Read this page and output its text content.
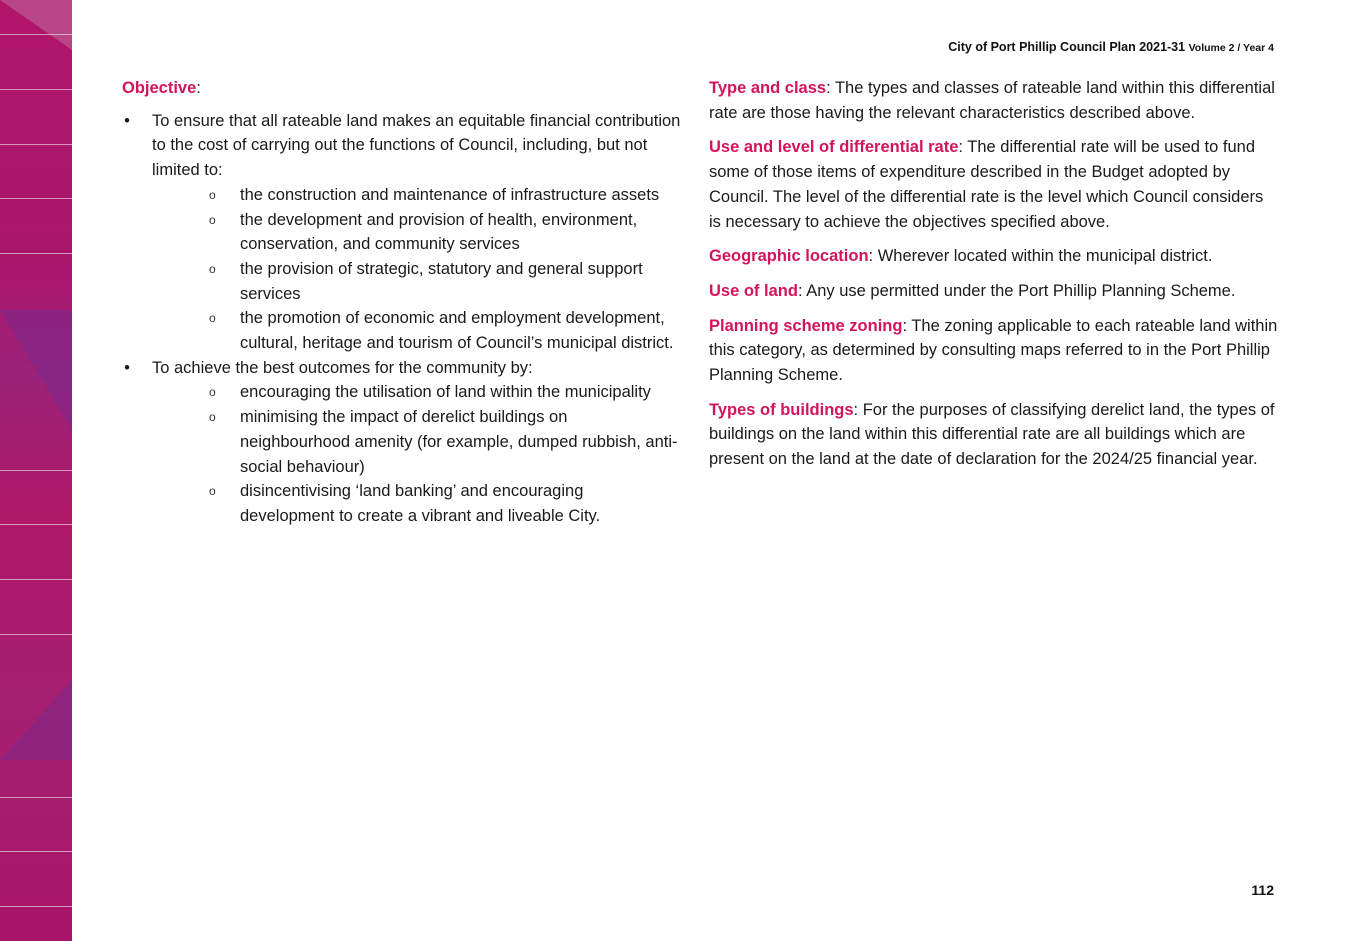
City of Port Phillip Council Plan 2021-31 Volume 2 / Year 4

Objective:

• To ensure that all rateable land makes an equitable financial contribution to the cost of carrying out the functions of Council, including, but not limited to:
o the construction and maintenance of infrastructure assets
o the development and provision of health, environment, conservation, and community services
o the provision of strategic, statutory and general support services
o the promotion of economic and employment development, cultural, heritage and tourism of Council’s municipal district.
• To achieve the best outcomes for the community by:
o encouraging the utilisation of land within the municipality
o minimising the impact of derelict buildings on neighbourhood amenity (for example, dumped rubbish, anti-social behaviour)
o disincentivising ‘land banking’ and encouraging development to create a vibrant and liveable City.

Type and class: The types and classes of rateable land within this differential rate are those having the relevant characteristics described above.

Use and level of differential rate: The differential rate will be used to fund some of those items of expenditure described in the Budget adopted by Council. The level of the differential rate is the level which Council considers is necessary to achieve the objectives specified above.

Geographic location: Wherever located within the municipal district.

Use of land: Any use permitted under the Port Phillip Planning Scheme.

Planning scheme zoning: The zoning applicable to each rateable land within this category, as determined by consulting maps referred to in the Port Phillip Planning Scheme.

Types of buildings: For the purposes of classifying derelict land, the types of buildings on the land within this differential rate are all buildings which are present on the land at the date of declaration for the 2024/25 financial year.

112
